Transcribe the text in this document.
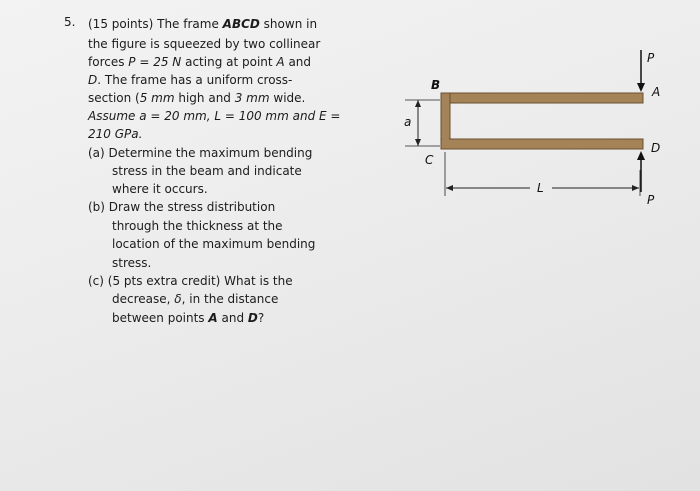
5. (15 points) The frame ABCD shown in
the figure is squeezed by two collinear
forces P = 25 N acting at point A and
D. The frame has a uniform cross-
section (5 mm high and 3 mm wide.
Assume a = 20 mm, L = 100 mm and E =
210 GPa.
(a) Determine the maximum bending
stress in the beam and indicate
where it occurs.
(b) Draw the stress distribution
through the thickness at the
location of the maximum bending
stress.
(c) (5 pts extra credit) What is the
decrease, δ, in the distance
between points A and D?
B
C
a
L
P
A
D
P
